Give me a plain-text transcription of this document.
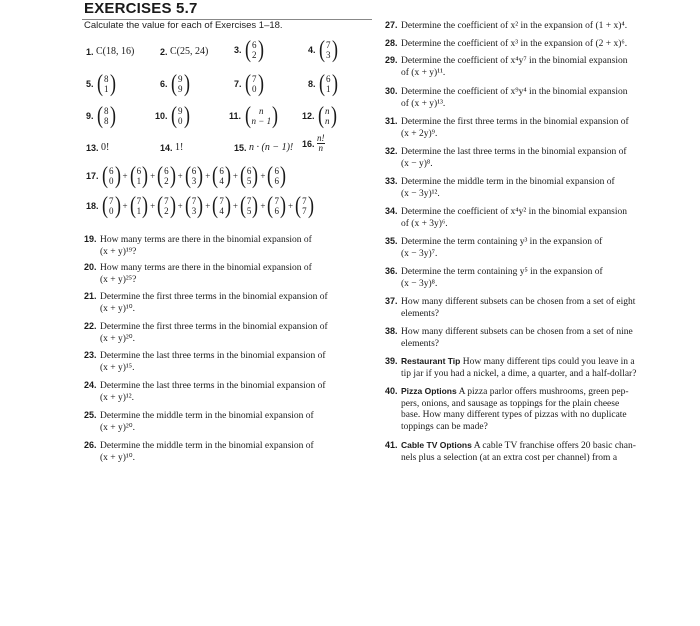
EXERCISES 5.7
Calculate the value for each of Exercises 1–18.
1.
C(18, 16)	2.
C(25, 24)	3.
( 6
2 )	4.
( 7
3 )
5.
( 8
1 )	6.
( 9
9 )	7.
( 7
0 )	8.
( 6
1 )
9.
( 8
8 )	10.
( 9
0 )	11.
( n
n − 1 )	12.
( n
n )
13.
0!	14.
1!	15.
n · (n − 1)! 16.
$\frac{n!}{n}$
17.
( 6
0 ) + ( 6
1 ) + ( 6
2 ) + ( 6
3 ) + ( 6
4 ) + ( 6
5 ) + ( 6
6 )
18.
( 7
0 ) + ( 7
1 ) + ( 7
2 ) + ( 7
3 ) + ( 7
4 ) + ( 7
5 ) + ( 7
6 ) + ( 7
7 )
19. How many terms are there in the binomial expansion of
(x + y)¹⁹?
20. How many terms are there in the binomial expansion of
(x + y)²⁵?
21. Determine the first three terms in the binomial expansion of
(x + y)¹⁰.
22. Determine the first three terms in the binomial expansion of
(x + y)²⁰.
23. Determine the last three terms in the binomial expansion of
(x + y)¹⁵.
24. Determine the last three terms in the binomial expansion of
(x + y)¹².
25. Determine the middle term in the binomial expansion of
(x + y)²⁰.
26. Determine the middle term in the binomial expansion of
(x + y)¹⁰.
27. Determine the coefficient of x² in the expansion of (1 + x)⁴.
28. Determine the coefficient of x³ in the expansion of (2 + x)⁶.
29. Determine the coefficient of x⁴y⁷ in the binomial expansion
of (x + y)¹¹.
30. Determine the coefficient of x⁹y⁴ in the binomial expansion
of (x + y)¹³.
31. Determine the first three terms in the binomial expansion of
(x + 2y)⁹.
32. Determine the last three terms in the binomial expansion of
(x − y)⁸.
33. Determine the middle term in the binomial expansion of
(x − 3y)¹².
34. Determine the coefficient of x⁴y² in the binomial expansion
of (x + 3y)⁶.
35. Determine the term containing y³ in the expansion of
(x − 3y)⁷.
36. Determine the term containing y⁵ in the expansion of
(x − 3y)⁸.
37. How many different subsets can be chosen from a set of eight
elements?
38. How many different subsets can be chosen from a set of nine
elements?
39. Restaurant Tip How many different tips could you leave in a
tip jar if you had a nickel, a dime, a quarter, and a half-dollar?
40. Pizza Options A pizza parlor offers mushrooms, green pep-
pers, onions, and sausage as toppings for the plain cheese
base. How many different types of pizzas with no duplicate
toppings can be made?
41. Cable TV Options A cable TV franchise offers 20 basic chan-
nels plus a selection (at an extra cost per channel) from a
